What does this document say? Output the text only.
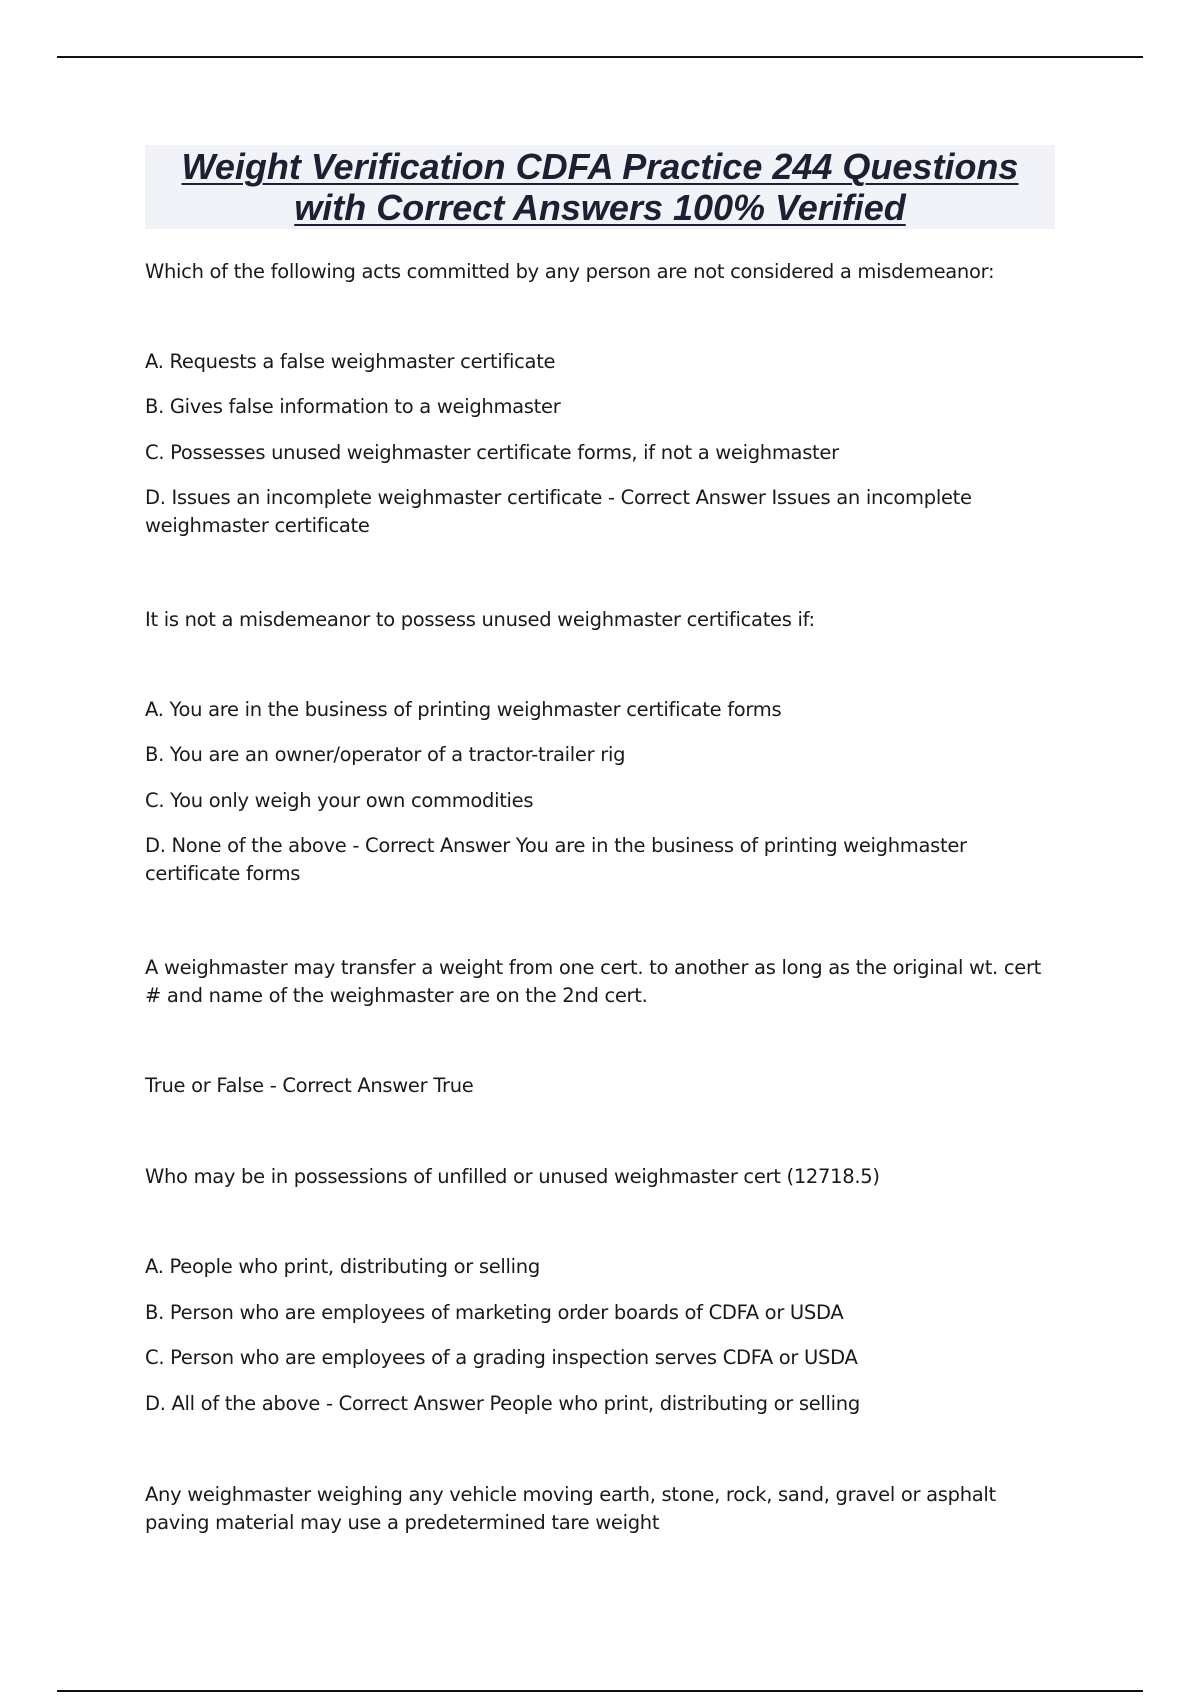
Weight Verification CDFA Practice 244 Questions
with Correct Answers 100% Verified
Which of the following acts committed by any person are not considered a misdemeanor:
A. Requests a false weighmaster certificate
B. Gives false information to a weighmaster
C. Possesses unused weighmaster certificate forms, if not a weighmaster
D. Issues an incomplete weighmaster certificate - Correct Answer Issues an incomplete weighmaster certificate
It is not a misdemeanor to possess unused weighmaster certificates if:
A. You are in the business of printing weighmaster certificate forms
B. You are an owner/operator of a tractor-trailer rig
C. You only weigh your own commodities
D. None of the above - Correct Answer You are in the business of printing weighmaster certificate forms
A weighmaster may transfer a weight from one cert. to another as long as the original wt. cert # and name of the weighmaster are on the 2nd cert.
True or False - Correct Answer True
Who may be in possessions of unfilled or unused weighmaster cert (12718.5)
A. People who print, distributing or selling
B. Person who are employees of marketing order boards of CDFA or USDA
C. Person who are employees of a grading inspection serves CDFA or USDA
D. All of the above - Correct Answer People who print, distributing or selling
Any weighmaster weighing any vehicle moving earth, stone, rock, sand, gravel or asphalt paving material may use a predetermined tare weight
